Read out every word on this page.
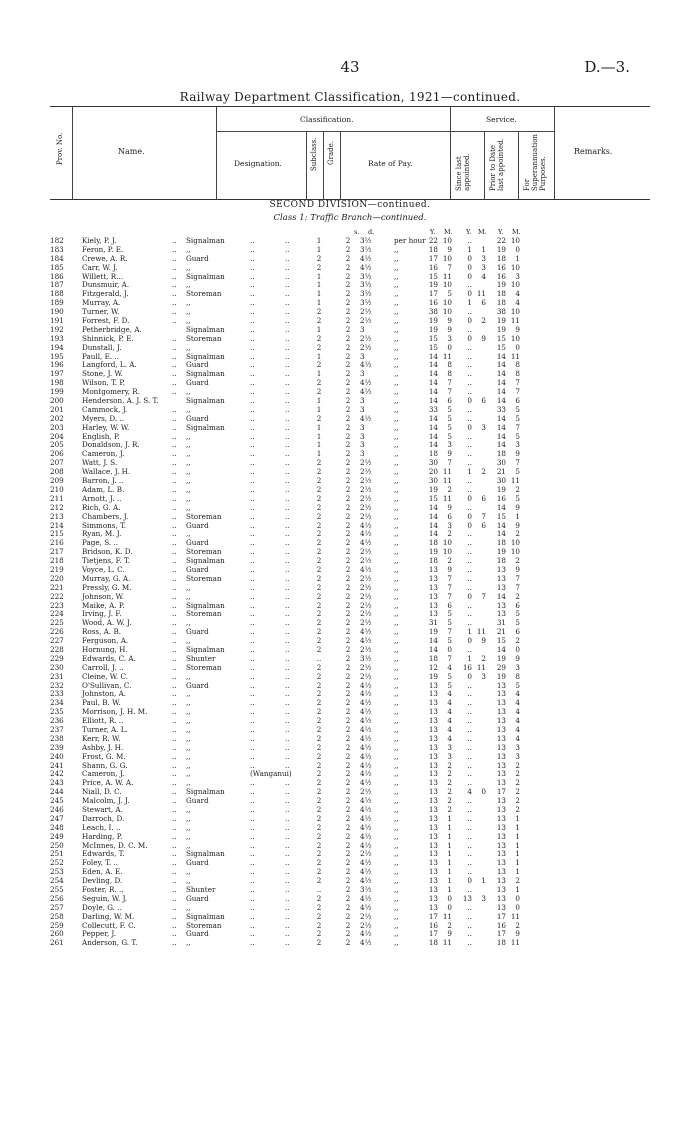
43	D.—3.
Railway Department Classification, 1921—continued.
Prov. No.	Name.
Classification.
Designation.	Subclass. Grade.	Rate of Pay.
Service.
Since last appointed.	Prior to Date last appointed.	For Superannuation Purposes.
Remarks.
SECOND DIVISION—continued.
Class 1: Traffic Branch—continued.
s. d.	Y. M. Y. M. Y. M.
182	Kiely, P. J.	.. Signalman	..	..	1	2	3½	per hour 22 10	..	22 10
183	Feron, P. E.	.. ,,	..	..	1	2	3½	,,	18	9	1	1	19	0
184	Crewe, A. R.	.. Guard	..	..	2	2	4½	,,	17 10	0	3	18	1
185	Carr, W. J.	.. ,,	..	..	2	2	4½	,,	16	7	0	3	16 10
186	Willett, R...	.. Signalman	..	..	1	2	3½	,,	15 11	0	4	16	3
187	Dunsmuir, A.	.. ,,	..	..	1	2	3½	,,	19 10	..	19 10
188	Fitzgerald, J.	.. Storeman	..	..	1	2	3½	,,	17	5	0 11	18	4
189	Murray, A.	.. ,,	..	..	1	2	3½	,,	16 10	1	6	18	4
190	Turner, W.	.. ,,	..	..	2	2	2½	,,	38 10	..	38 10
191	Forrest, F. D.	.. ,,	..	..	2	2	2½	,,	19	9	0	2	19 11
192	Petherbridge, A.	Signalman	..	..	1	2	3	,,	19	9	..	19	9
193	Shinnick, P. E.	.. Storeman	..	..	2	2	2½	,,	15	3	0	9	15 10
194	Dunstall, J.	.. ,,	..	..	2	2	2½	,,	15	0	..	15	0
195	Paull, E. ..	.. Signalman	..	..	1	2	3	,,	14 11	..	14 11
196	Langford, L. A.	.. Guard	..	..	2	2	4½	,,	14	8	..	14	8
197	Stone, J. W.	.. Signalman	..	..	1	2	3	,,	14	8	..	14	8
198	Wilson, T. P.	.. Guard	..	..	2	2	4½	,,	14	7	..	14	7
199	Montgomery, R.	.. ,,	..	..	2	2	4½	,,	14	7	..	14	7
200	Henderson, A. J. S. T.	Signalman	..	..	1	2	3	,,	14	6	0	6	14	6
201	Cammock, J.	.. ,,	..	..	1	2	3	,,	33	5	..	33	5
202	Myers, D. ..	.. Guard	..	..	2	2	4½	,,	14	5	..	14	5
203	Harley, W. W.	.. Signalman	..	..	1	2	3	,,	14	5	0	3	14	7
204	English, P.	.. ,,	..	..	1	2	3	,,	14	5	..	14	5
205	Donaldson, J. R.	.. ,,	..	..	1	2	3	,,	14	3	..	14	3
206	Cameron, J.	.. ,,	..	..	1	2	3	,,	18	9	..	18	9
207	Watt, J. S.	.. ,,	..	..	2	2	2½	,,	30	7	..	30	7
208	Wallace, J. H.	.. ,,	..	..	2	2	2½	,,	20 11	1	2	21	5
209	Barron, J. ..	.. ,,	..	..	2	2	2½	,,	30 11	..	30 11
210	Adam, L. B.	.. ,,	..	..	2	2	2½	,,	19	2	..	19	2
211	Arnott, J. ..	.. ,,	..	..	2	2	2½	,,	15 11	0	6	16	5
212	Rich, G. A.	.. ,,	..	..	2	2	2½	,,	14	9	..	14	9
213	Chambers, J.	.. Storeman	..	..	2	2	2½	,,	14	6	0	7	15	1
214	Simmons, T.	.. Guard	..	..	2	2	4½	,,	14	3	0	6	14	9
215	Ryan, M. J.	.. ,,	..	..	2	2	4½	,,	14	2	..	14	2
216	Page, S. ..	.. Guard	..	..	2	2	4½	,,	18 10	..	18 10
217	Bridson, K. D.	.. Storeman	..	..	2	2	2½	,,	19 10	..	19 10
218	Tietjens, F. T.	.. Signalman	..	..	2	2	2½	,,	18	2	..	18	2
219	Voyce, L. C.	.. Guard	..	..	2	2	4½	,,	13	9	..	13	9
220	Murray, G. A.	.. Storeman	..	..	2	2	2½	,,	13	7	..	13	7
221	Pressly, G. M.	.. ,,	..	..	2	2	2½	,,	13	7	..	13	7
222	Johnson, W.	.. ,,	..	..	2	2	2½	,,	13	7	0	7	14	2
223	Maike, A. P.	.. Signalman	..	..	2	2	2½	,,	13	6	..	13	6
224	Irving, J. F.	.. Storeman	..	..	2	2	2½	,,	13	5	..	13	5
225	Wood, A. W. J.	.. ,,	..	..	2	2	2½	,,	31	5	..	31	5
226	Ross, A. B.	.. Guard	..	..	2	2	4½	,,	19	7	1 11	21	6
227	Ferguson, A.	.. ,,	..	..	2	2	4½	,,	14	5	0	9	15	2
228	Hornung, H.	.. Signalman	..	..	2	2	2½	,,	14	0	..	14	0
229	Edwards, C. A.	.. Shunter	..	..	..	2	3½	,,	18	7	1	2	19	9
230	Carroll, J. ..	.. Storeman	..	..	2	2	2½	,,	12	4	16 11	29	3
231	Cleine, W. C.	.. ,,	..	..	2	2	2½	,,	19	5	0	3	19	8
232	O'Sullivan, C.	.. Guard	..	..	2	2	4½	,,	13	5	..	13	5
233	Johnston, A.	.. ,,	..	..	2	2	4½	,,	13	4	..	13	4
234	Paul, B. W.	.. ,,	..	..	2	2	4½	,,	13	4	..	13	4
235	Morrison, J. H. M.	.. ,,	..	..	2	2	4½	,,	13	4	..	13	4
236	Elliott, R. ..	.. ,,	..	..	2	2	4½	,,	13	4	..	13	4
237	Turner, A. L.	.. ,,	..	..	2	2	4½	,,	13	4	..	13	4
238	Kerr, R. W.	.. ,,	..	..	2	2	4½	,,	13	4	..	13	4
239	Ashby, J. H.	.. ,,	..	..	2	2	4½	,,	13	3	..	13	3
240	Frost, G. M.	.. ,,	..	..	2	2	4½	,,	13	3	..	13	3
241	Shann, G. G.	.. ,,	..	..	2	2	4½	,,	13	2	..	13	2
242	Cameron, J.	.. ,,	(Wanganui)	2	2	4½	,,	13	2	..	13	2
243	Price, A. W. A.	.. ,,	..	..	2	2	4½	,,	13	2	..	13	2
244	Niall, D. C.	.. Signalman	..	..	2	2	2½	,,	13	2	4	0	17	2
245	Malcolm, J. J.	.. Guard	..	..	2	2	4½	,,	13	2	..	13	2
246	Stewart, A.	.. ,,	..	..	2	2	4½	,,	13	2	..	13	2
247	Darroch, D.	.. ,,	..	..	2	2	4½	,,	13	1	..	13	1
248	Leach, I. ..	.. ,,	..	..	2	2	4½	,,	13	1	..	13	1
249	Harding, P.	.. ,,	..	..	2	2	4½	,,	13	1	..	13	1
250	McInnes, D. C. M.	.. ,,	..	..	2	2	4½	,,	13	1	..	13	1
251	Edwards, T.	.. Signalman	..	..	2	2	2½	,,	13	1	..	13	1
252	Foley, T. ..	.. Guard	..	..	2	2	4½	,,	13	1	..	13	1
253	Eden, A. E.	.. ,,	..	..	2	2	4½	,,	13	1	..	13	1
254	Devling, D.	.. ,,	..	..	2	2	4½	,,	13	1	0	1	13	2
255	Foster, R. ..	.. Shunter	..	..	..	2	3½	,,	13	1	..	13	1
256	Seguin, W. J.	.. Guard	..	..	2	2	4½	,,	13	0	13	3	13	0
257	Doyle, G. ..	.. ,,	..	..	2	2	4½	,,	13	0	..	13	0
258	Darling, W. M.	.. Signalman	..	..	2	2	2½	,,	17 11	..	17 11
259	Collecutt, F. C.	.. Storeman	..	..	2	2	2½	,,	16	2	..	16	2
260	Pepper, J.	.. Guard	..	..	2	2	4½	,,	17	9	..	17	9
261	Anderson, G. T.	.. ,,	..	..	2	2	4½	,,	18 11	..	18 11
